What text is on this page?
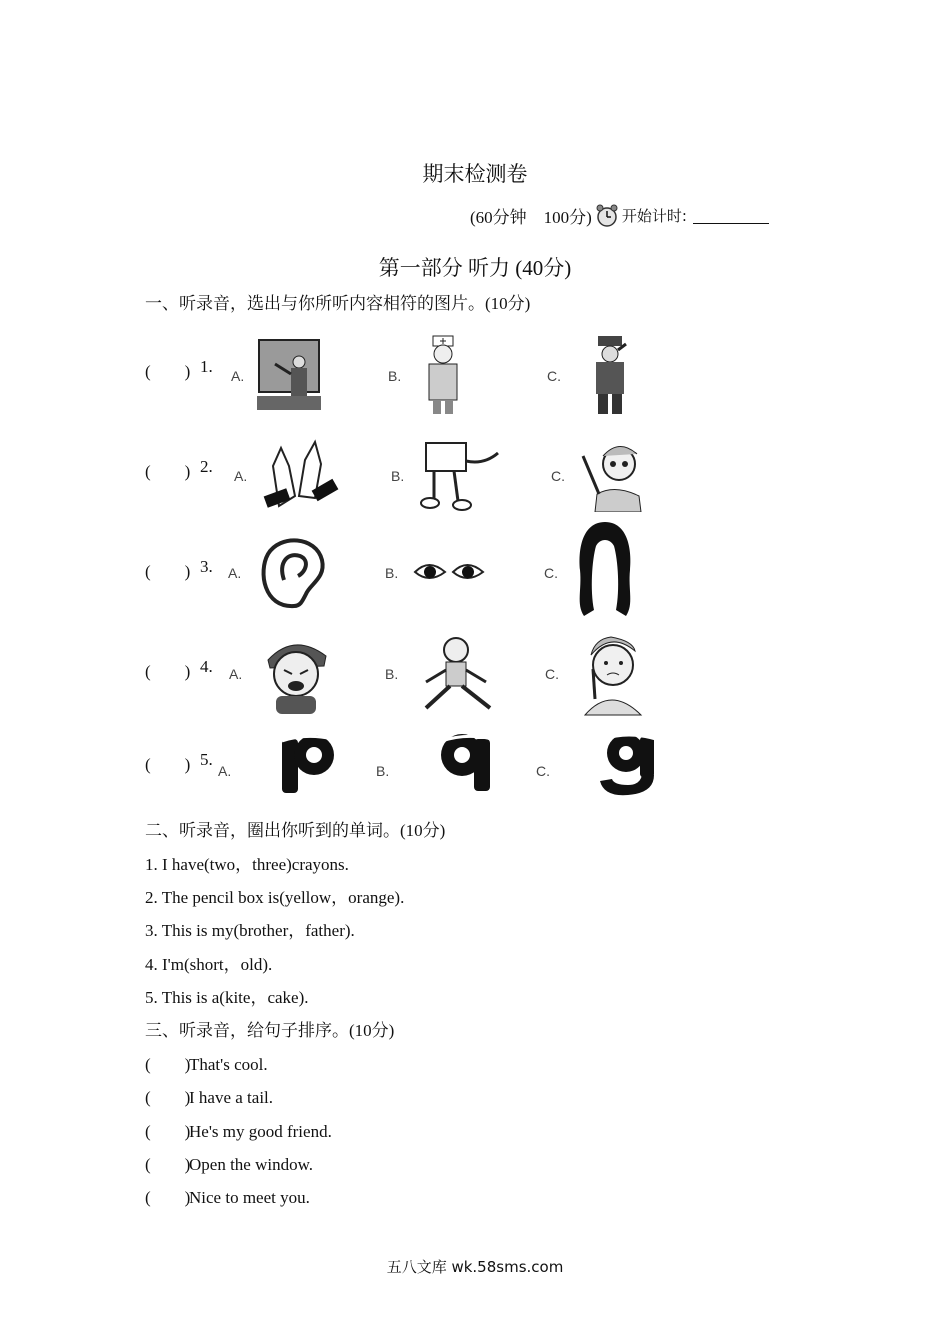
期末检测卷
(60分钟　100分) 开始计时:
第一部分 听力 (40分)
一、听录音，选出与你所听内容相符的图片。(10分)
(　　) 1. A.	B.	C.
(　　) 2. A.	B.	C.
(　　) 3. A.	B.	C.
(　　) 4. A.	B.	C.
(　　) 5.
A.	B.	C.
二、听录音，圈出你听到的单词。(10分)
1. I have(two，three)crayons.
2. The pencil box is(yellow，orange).
3. This is my(brother，father).
4. I'm(short，old).
5. This is a(kite，cake).
三、听录音，给句子排序。(10分)
(　　)That's cool.
(　　)I have a tail.
(　　)He's my good friend.
(　　)Open the window.
(　　)Nice to meet you.
五八文库 wk.58sms.com
